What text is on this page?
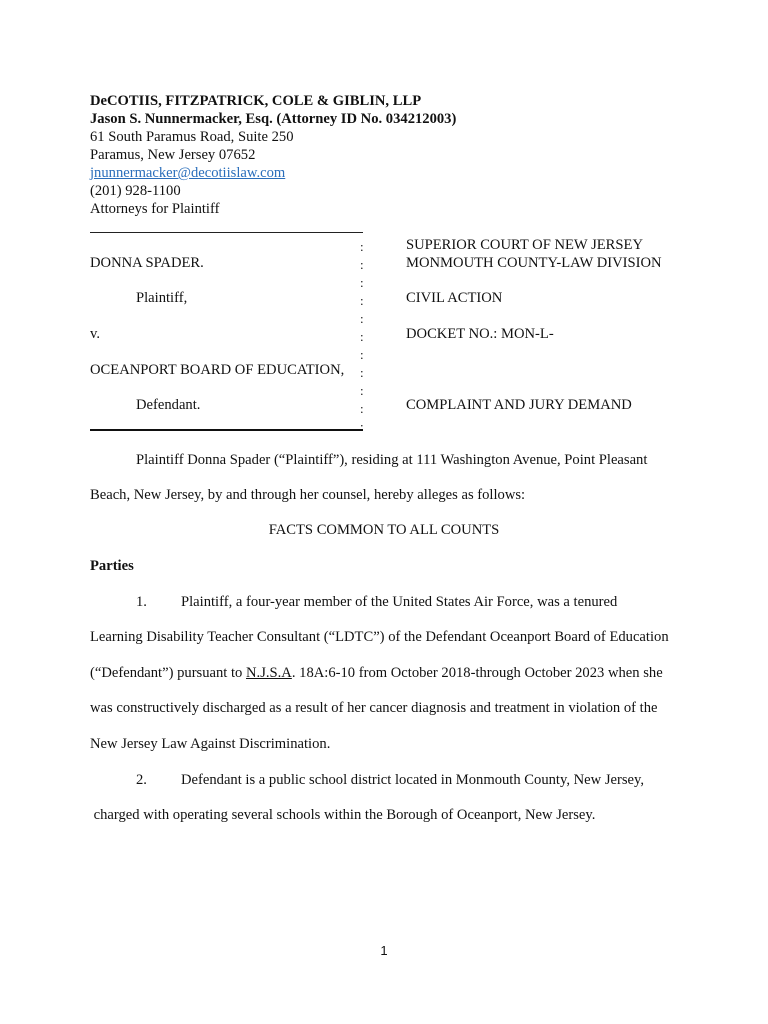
DeCOTIIS, FITZPATRICK, COLE & GIBLIN, LLP
Jason S. Nunnermacker, Esq. (Attorney ID No. 034212003)
61 South Paramus Road, Suite 250
Paramus, New Jersey 07652
jnunnermacker@decotiislaw.com
(201) 928-1100
Attorneys for Plaintiff
DONNA SPADER.
Plaintiff,
v.
OCEANPORT BOARD OF EDUCATION,
Defendant.
:
:
:
:
:
:
:
:
:
:
:
SUPERIOR COURT OF NEW JERSEY
MONMOUTH COUNTY-LAW DIVISION
CIVIL ACTION
DOCKET NO.: MON-L-
COMPLAINT AND JURY DEMAND
Plaintiff Donna Spader (“Plaintiff”), residing at 111 Washington Avenue, Point Pleasant
Beach, New Jersey, by and through her counsel, hereby alleges as follows:
FACTS COMMON TO ALL COUNTS
Parties
1. Plaintiff, a four-year member of the United States Air Force, was a tenured
Learning Disability Teacher Consultant (“LDTC”) of the Defendant Oceanport Board of Education
(“Defendant”) pursuant to N.J.S.A. 18A:6-10 from October 2018-through October 2023 when she
was constructively discharged as a result of her cancer diagnosis and treatment in violation of the
New Jersey Law Against Discrimination.
2. Defendant is a public school district located in Monmouth County, New Jersey,
charged with operating several schools within the Borough of Oceanport, New Jersey.
1
